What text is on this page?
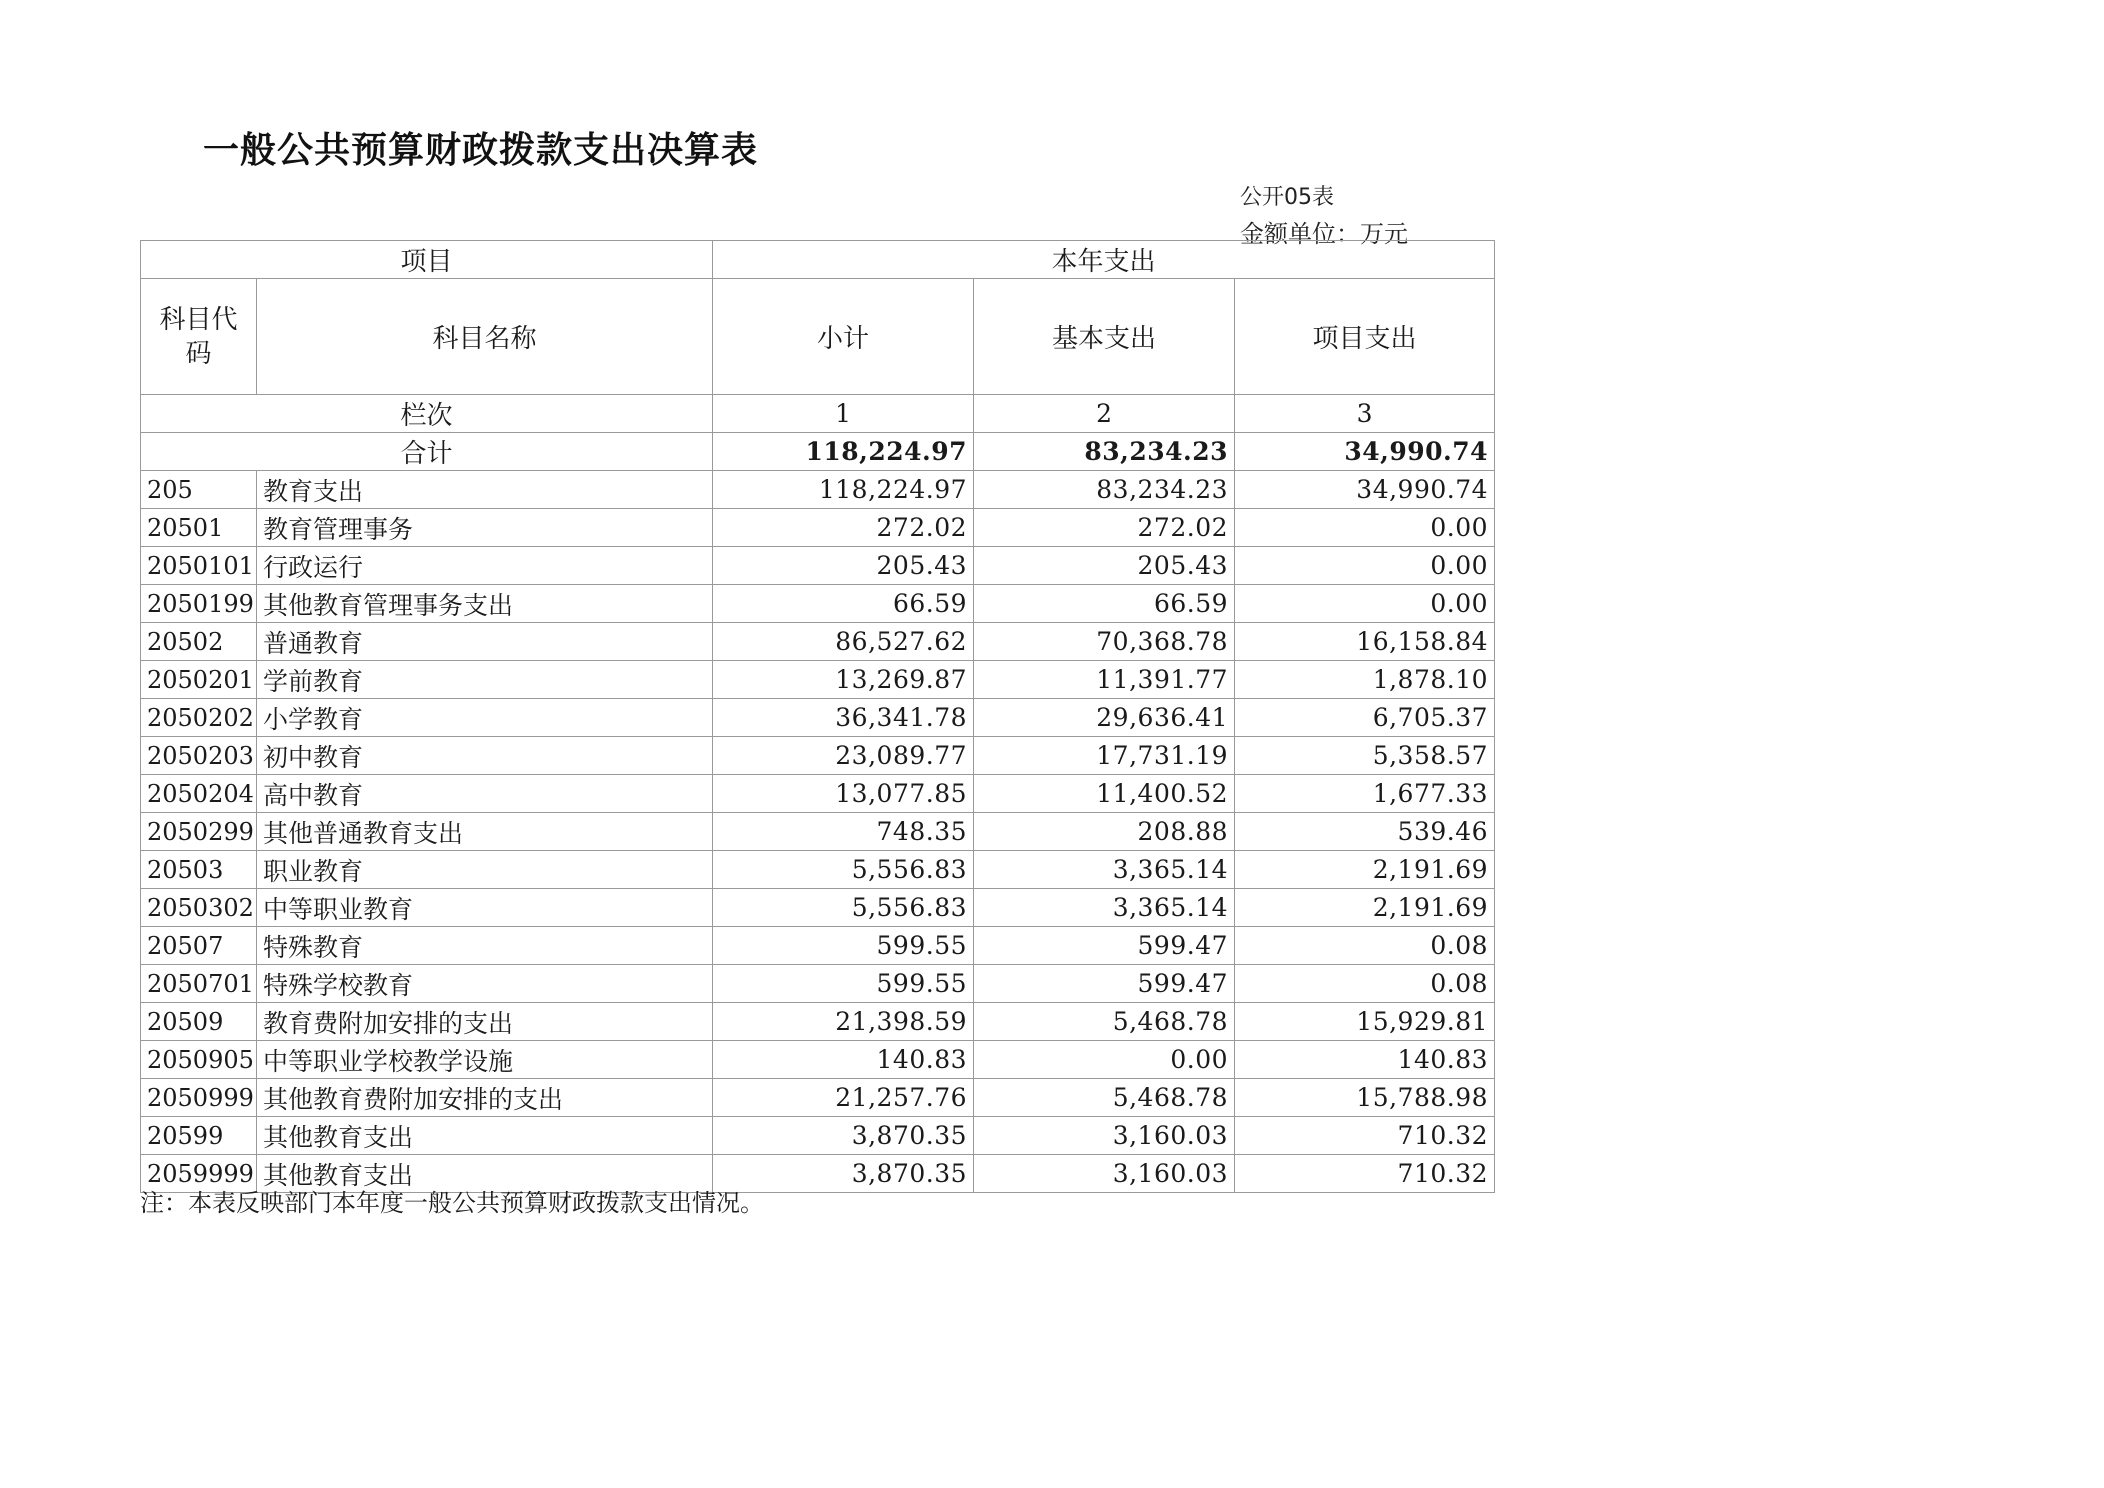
一般公共预算财政拨款支出决算表
公开05表
金额单位：万元
项目		本年支出		
科目代码	科目名称	小计	基本支出	项目支出
栏次		1	2	3
合计		118,224.97	83,234.23	34,990.74
205	教育支出	118,224.97	83,234.23	34,990.74
20501	教育管理事务	272.02	272.02	0.00
2050101	行政运行	205.43	205.43	0.00
2050199	其他教育管理事务支出	66.59	66.59	0.00
20502	普通教育	86,527.62	70,368.78	16,158.84
2050201	学前教育	13,269.87	11,391.77	1,878.10
2050202	小学教育	36,341.78	29,636.41	6,705.37
2050203	初中教育	23,089.77	17,731.19	5,358.57
2050204	高中教育	13,077.85	11,400.52	1,677.33
2050299	其他普通教育支出	748.35	208.88	539.46
20503	职业教育	5,556.83	3,365.14	2,191.69
2050302	中等职业教育	5,556.83	3,365.14	2,191.69
20507	特殊教育	599.55	599.47	0.08
2050701	特殊学校教育	599.55	599.47	0.08
20509	教育费附加安排的支出	21,398.59	5,468.78	15,929.81
2050905	中等职业学校教学设施	140.83	0.00	140.83
2050999	其他教育费附加安排的支出	21,257.76	5,468.78	15,788.98
20599	其他教育支出	3,870.35	3,160.03	710.32
2059999	其他教育支出	3,870.35	3,160.03	710.32

注：本表反映部门本年度一般公共预算财政拨款支出情况。
